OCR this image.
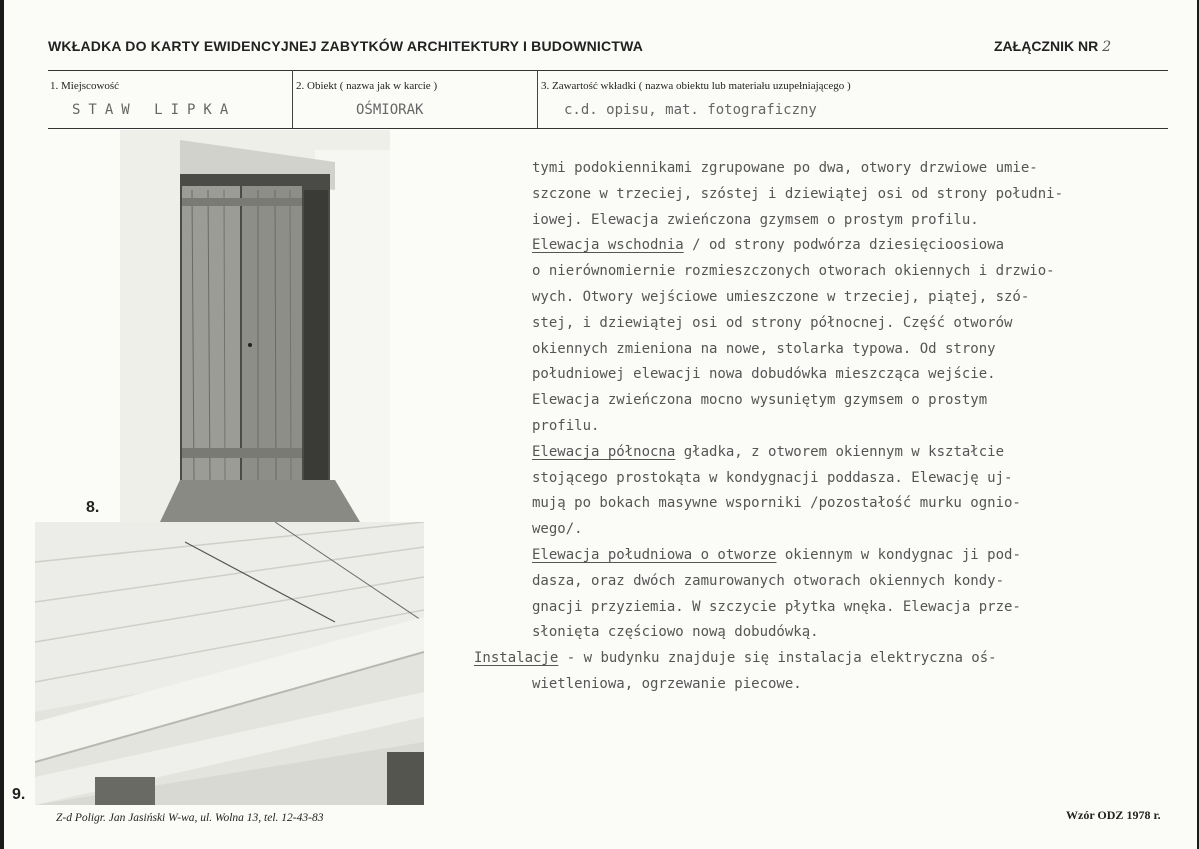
WKŁADKA DO KARTY EWIDENCYJNEJ ZABYTKÓW ARCHITEKTURY I BUDOWNICTWA	ZAŁĄCZNIK NR 2
1. Miejscowość	2. Obiekt ( nazwa jak w karcie )	3. Zawartość wkładki ( nazwa obiektu lub materiału uzupełniającego )
STAW LIPKA	OŚMIORAK	c.d. opisu, mat. fotograficzny
8.
9.
tymi podokiennikami zgrupowane po dwa, otwory drzwiowe umie-
szczone w trzeciej, szóstej i dziewiątej osi od strony południ-
iowej. Elewacja zwieńczona gzymsem o prostym profilu.
Elewacja wschodnia / od strony podwórza dziesięcioosiowa
o nierównomiernie rozmieszczonych otworach okiennych i drzwio-
wych. Otwory wejściowe umieszczone w trzeciej, piątej, szó-
stej, i dziewiątej osi od strony północnej. Część otworów
okiennych zmieniona na nowe, stolarka typowa. Od strony
południowej elewacji nowa dobudówka mieszcząca wejście.
Elewacja zwieńczona mocno wysuniętym gzymsem o prostym
profilu.
Elewacja północna gładka, z otworem okiennym w kształcie
stojącego prostokąta w kondygnacji poddasza. Elewację uj-
mują po bokach masywne wsporniki /pozostałość murku ognio-
wego/.
Elewacja południowa o otworze okiennym w kondygnac ji pod-
dasza, oraz dwóch zamurowanych otworach okiennych kondy-
gnacji przyziemia. W szczycie płytka wnęka. Elewacja prze-
słonięta częściowo nową dobudówką.
Instalacje - w budynku znajduje się instalacja elektryczna oś-
wietleniowa, ogrzewanie piecowe.
Z-d Poligr. Jan Jasiński W-wa, ul. Wolna 13, tel. 12-43-83	Wzór ODZ 1978 r.
